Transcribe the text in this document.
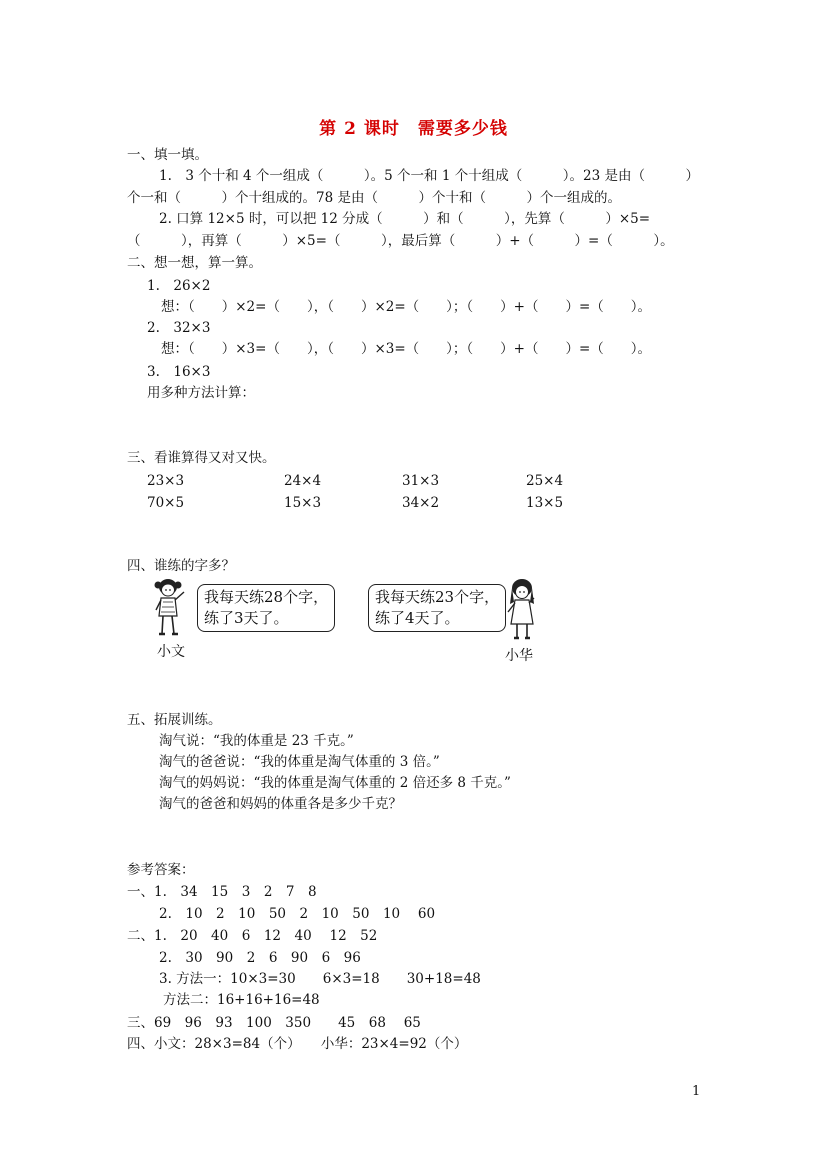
第 2 课时　需要多少钱
一、填一填。
1.　3 个十和 4 个一组成（　　　）。5 个一和 1 个十组成（　　　）。23 是由（　　　）
个一和（　　　）个十组成的。78 是由（　　　）个十和（　　　）个一组成的。
2. 口算 12×5 时，可以把 12 分成（　　　）和（　　　），先算（　　　）×5=
（　　　），再算（　　　）×5=（　　　），最后算（　　　）+（　　　）=（　　　）。
二、想一想，算一算。
1.　26×2
想：（　　）×2=（　　），（　　）×2=（　　）；（　　）+（　　）=（　　）。
2.　32×3
想：（　　）×3=（　　），（　　）×3=（　　）；（　　）+（　　）=（　　）。
3.　16×3
用多种方法计算：
三、看谁算得又对又快。
23×3	24×4	31×3	25×4
70×5	15×3	34×2	13×5
四、谁练的字多？
我每天练28个字，
练了3天了。
小文
我每天练23个字，
练了4天了。
小华
五、拓展训练。
淘气说：“我的体重是 23 千克。”
淘气的爸爸说：“我的体重是淘气体重的 3 倍。”
淘气的妈妈说：“我的体重是淘气体重的 2 倍还多 8 千克。”
淘气的爸爸和妈妈的体重各是多少千克？
参考答案：
一、1.　34　15　3　2　7　8
2.　10　2　10　50　2　10　50　10　 60
二、1.　20　40　6　12　40　 12　52
2.　30　90　2　6　90　6　96
3. 方法一：10×3=30　　6×3=18　　30+18=48
方法二：16+16+16=48
三、69　96　93　100　350　　45　68　 65
四、小文：28×3=84（个）　　小华：23×4=92（个）
1
